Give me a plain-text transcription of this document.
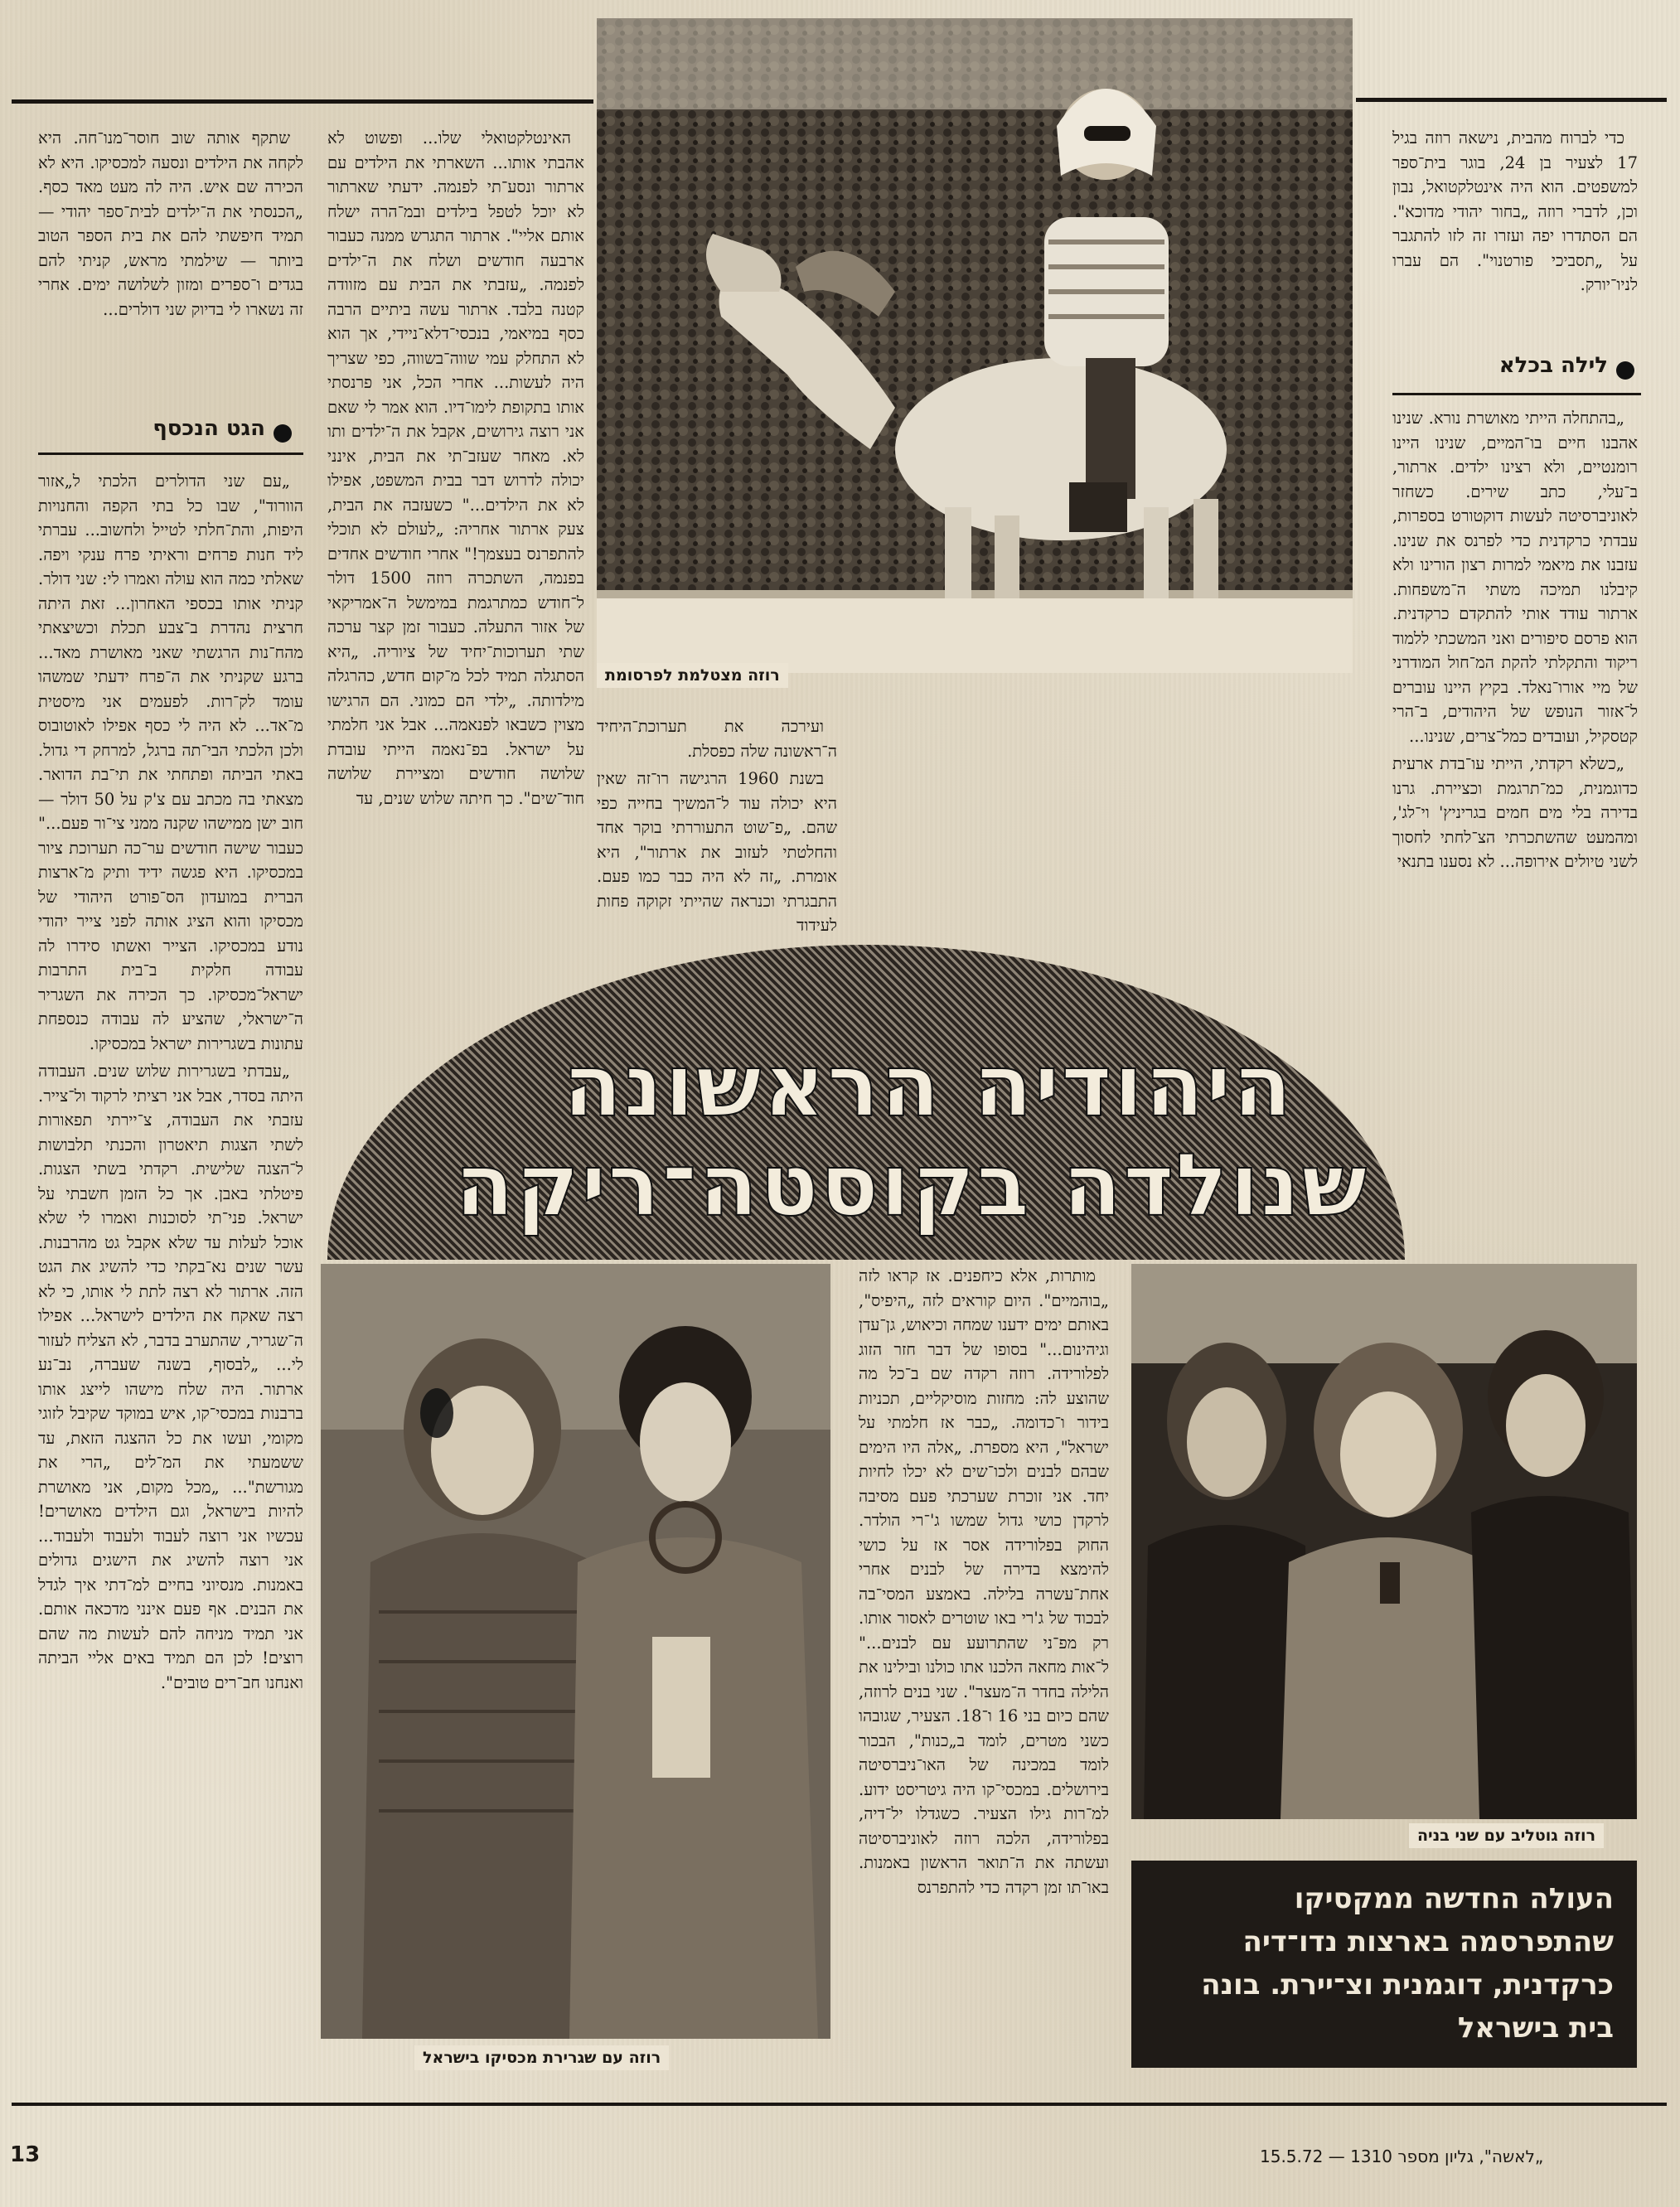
כדי לברוח מהבית, נישאה רוזה בגיל 17 לצעיר בן 24, בוגר בית־ספר למשפטים. הוא היה אינטלקטואל, נבון וכן, לדברי רוזה „בחור יהודי מדוכא". הם הסתדרו יפה ועזרו זה לזו להתגבר על „תסביכי פורטנוי". הם עברו לניו־יורק.

לילה בכלא

„בהתחלה הייתי מאושרת נורא. שנינו אהבנו חיים בו־המיים, שנינו היינו רומנטיים, ולא רצינו ילדים. ארתור, ב־עלי, כתב שירים. כשחזר לאוניברסיטה לעשות דוקטורט בספרות, עבדתי כרקדנית כדי לפרנס את שנינו. עזבנו את מיאמי למרות רצון הורינו ולא קיבלנו תמיכה משתי ה־משפחות. ארתור עודד אותי להתקדם כרקדנית. הוא פרסם סיפורים ואני המשכתי ללמוד ריקוד והתקלתי להקת המ־חול המודרני של מיי אורו־נאלד. בקיץ היינו עוברים ל־אזור הנופש של היהודים, ב־הרי קטסקיל, ועובדים כמל־צרים, שנינו...

„כשלא רקדתי, הייתי עו־בדת ארעית כדוגמנית, כמ־תרגמת וכציירת. גרנו בדירה בלי מים חמים בגריניץ' וי־לג', ומהמעט שהשתכרתי הצ־לחתי לחסוך לשני טיולים אירופה... לא נסענו בתנאי

רוזה מצטלמת לפרסומת

ועירכה את תערוכת־היחיד ה־ראשונה שלה כפסלת.

בשנת 1960 הרגישה רו־זה שאין היא יכולה עוד ל־המשיך בחייה כפי שהם. „פ־שוט התעוררתי בוקר אחד והחלטתי לעזוב את ארתור", היא אומרת. „זה לא היה כבר כמו פעם. התבגרתי וכנראה שהייתי זקוקה פחות לעידוד

האינטלקטואלי שלו... ופשוט לא אהבתי אותו... השארתי את הילדים עם ארתור ונסע־תי לפנמה. ידעתי שארתור לא יוכל לטפל בילדים ובמ־הרה ישלח אותם אליי". ארתור התגרש ממנה כעבור ארבעה חודשים ושלח את ה־ילדים לפנמה. „עזבתי את הבית עם מזוודה קטנה בלבד. ארתור עשה ביתיים הרבה כסף במיאמי, בנכסי־דלא־ניידי, אך הוא לא התחלק עמי שווה־בשווה, כפי שצריך היה לעשות... אחרי הכל, אני פרנסתי אותו בתקופת לימו־דיו. הוא אמר לי שאם אני רוצה גירושים, אקבל את ה־ילדים ותו לא. מאחר שעזב־תי את הבית, אינני יכולה לדרוש דבר בבית המשפט, אפילו לא את הילדים..." כשעזבה את הבית, צעק ארתור אחריה: „לעולם לא תוכלי להתפרנס בעצמך!" אחרי חודשים אחדים בפנמה, השתכרה רוזה 1500 דולר ל־חודש כמתרגמת במימשל ה־אמריקאי של אזור התעלה. כעבור זמן קצר ערכה שתי תערוכות־יחיד של ציוריה. „היא הסתגלה תמיד לכל מ־קום חדש, כהרגלה מילדותה. „ילדי הם כמוני. הם הרגישו מצוין כשבאו לפנאמה... אבל אני חלמתי על ישראל. בפ־נאמה הייתי עובדת שלושה חודשים ומציירת שלושה חוד־שים". כך חיתה שלוש שנים, עד

שתקף אותה שוב חוסר־מנו־חה. היא לקחה את הילדים ונסעה למכסיקו. היא לא הכירה שם איש. היה לה מעט מאד כסף. „הכנסתי את ה־ילדים לבית־ספר יהודי — תמיד חיפשתי להם את בית הספר הטוב ביותר — שילמתי מראש, קניתי להם בגדים ו־ספרים ומזון לשלושה ימים. אחרי זה נשארו לי בדיוק שני דולרים...

הגט הנכסף

„עם שני הדולרים הלכתי ל„אזור הוורוד", שבו כל בתי הקפה והחנויות היפות, והת־חלתי לטייל ולחשוב... עברתי ליד חנות פרחים וראיתי פרח ענקי ויפה. שאלתי כמה הוא עולה ואמרו לי: שני דולר. קניתי אותו בכספי האחרון... זאת היתה חרצית נהדרת ב־צבע תכלת וכשיצאתי מהח־נות הרגשתי שאני מאושרת מאד... ברגע שקניתי את ה־פרח ידעתי שמשהו עומד לק־רות. לפעמים אני מיסטית מ־אד... לא היה לי כסף אפילו לאוטובוס ולכן הלכתי הבי־תה ברגל, למרחק די גדול. באתי הביתה ופתחתי את תי־בת הדואר. מצאתי בה מכתב עם צ'ק על 50 דולר — חוב ישן ממישהו שקנה ממני צי־ור פעם..." כעבור שישה חודשים ער־כה תערוכת ציור במכסיקו. היא פגשה ידיד ותיק מ־ארצות הברית במועדון הס־פורט היהודי של מכסיקו והוא הציג אותה לפני צייר יהודי נודע במכסיקו. הצייר ואשתו סידרו לה עבודה חלקית ב־בית התרבות ישראל־מכסיקו. כך הכירה את השגריר ה־ישראלי, שהציע לה עבודה כנספחת עתונות בשגרירות ישראל במכסיקו.

„עבדתי בשגרירות שלוש שנים. העבודה היתה בסדר, אבל אני רציתי לרקוד ול־צייר. עזבתי את העבודה, צ־יירתי תפאורות לשתי הצגות תיאטרון והכנתי תלבושות ל־הצגה שלישית. רקדתי בשתי הצגות. פיטלתי באבן. אך כל הזמן חשבתי על ישראל. פני־תי לסוכנות ואמרו לי שלא אוכל לעלות עד שלא אקבל גט מהרבנות. עשר שנים נא־בקתי כדי להשיג את הגט הזה. ארתור לא רצה לתת לי אותו, כי לא רצה שאקח את הילדים לישראל... אפילו ה־שגריר, שהתערב בדבר, לא הצליח לעזור לי... „לבסוף, בשנה שעברה, נב־נע ארתור. היה שלח מישהו לייצג אותו ברבנות במכסי־קו, איש במוקד שקיבל לזוגי מקומי, ועשו את כל ההצגה הזאת, עד ששמעתי את המ־לים „הרי את מגורשת"... „מכל מקום, אני מאושרת להיות בישראל, וגם הילדים מאושרים! עכשיו אני רוצה לעבוד ולעבוד ולעבוד... אני רוצה להשיג את הישגים גדולים באמנות. מנסיוני בחיים למ־דתי איך לגדל את הבנים. אף פעם אינני מדכאה אותם. אני תמיד מניחה להם לעשות מה שהם רוצים! לכן הם תמיד באים אליי הביתה ואנחנו חב־רים טובים".

היהודיה הראשונה
שנולדה בקוסטה־ריקה
רוזה עם שגרירת מכסיקו בישראל

מותרות, אלא כיחפנים. אז קראו לזה „בוהמיים". היום קוראים לזה „היפיס", באותם ימים ידענו שמחה וכיאוש, גן־עדן וגיהינום..." בסופו של דבר חזר הזוג לפלורידה. רוזה רקדה שם ב־כל מה שהוצע לה: מחזות מוסיקליים, תכניות בידור ו־כדומה. „כבר אז חלמתי על ישראל", היא מספרת. „אלה היו הימים שבהם לבנים ולכו־שים לא יכלו לחיות יחד. אני זוכרת שערכתי פעם מסיבה לרקדן כושי גדול שמשו ג'־רי הולדר. החוק בפלורידה אסר אז על כושי להימצא בדירה של לבנים אחרי אחת־עשרה בלילה. באמצע המסי־בה לבכוד של ג'רי באו שוטרים לאסור אותו. רק מפ־ני שהתרועע עם לבנים..." ל־אות מחאה הלכנו אתו כולנו ובילינו את הלילה בחדר ה־מעצר". שני בנים לרוזה, שהם כיום בני 16 ו־18. הצעיר, שגובהו כשני מטרים, לומד ב„כנות", הבכור לומד במכינה של האו־ניברסיטה בירושלים. במכסי־קו היה גיטריסט ידוע. למ־רות גילו הצעיר. כשגדלו יל־דיה, בפלורידה, הלכה רוזה לאוניברסיטה ועשתה את ה־תואר הראשון באמנות. באו־תו זמן רקדה כדי להתפרנס

רוזה גוטליב עם שני בניה
העולה החדשה ממקסיקו שהתפרסמה בארצות נדו־דיה כרקדנית, דוגמנית וצ־יירת. בונה בית בישראל
13	„לאשה", גליון מספר 1310 — 15.5.72
